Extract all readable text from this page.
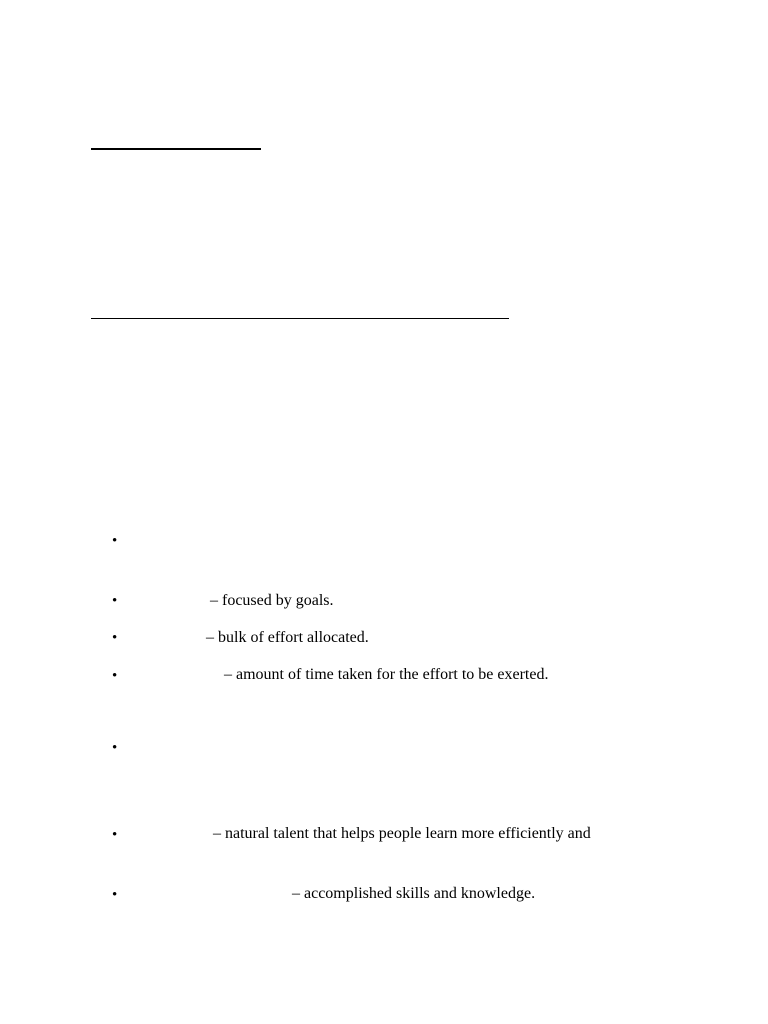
•
•	– focused by goals.
•	– bulk of effort allocated.
•	– amount of time taken for the effort to be exerted.
•
•	– natural talent that helps people learn more efficiently and
•	– accomplished skills and knowledge.
